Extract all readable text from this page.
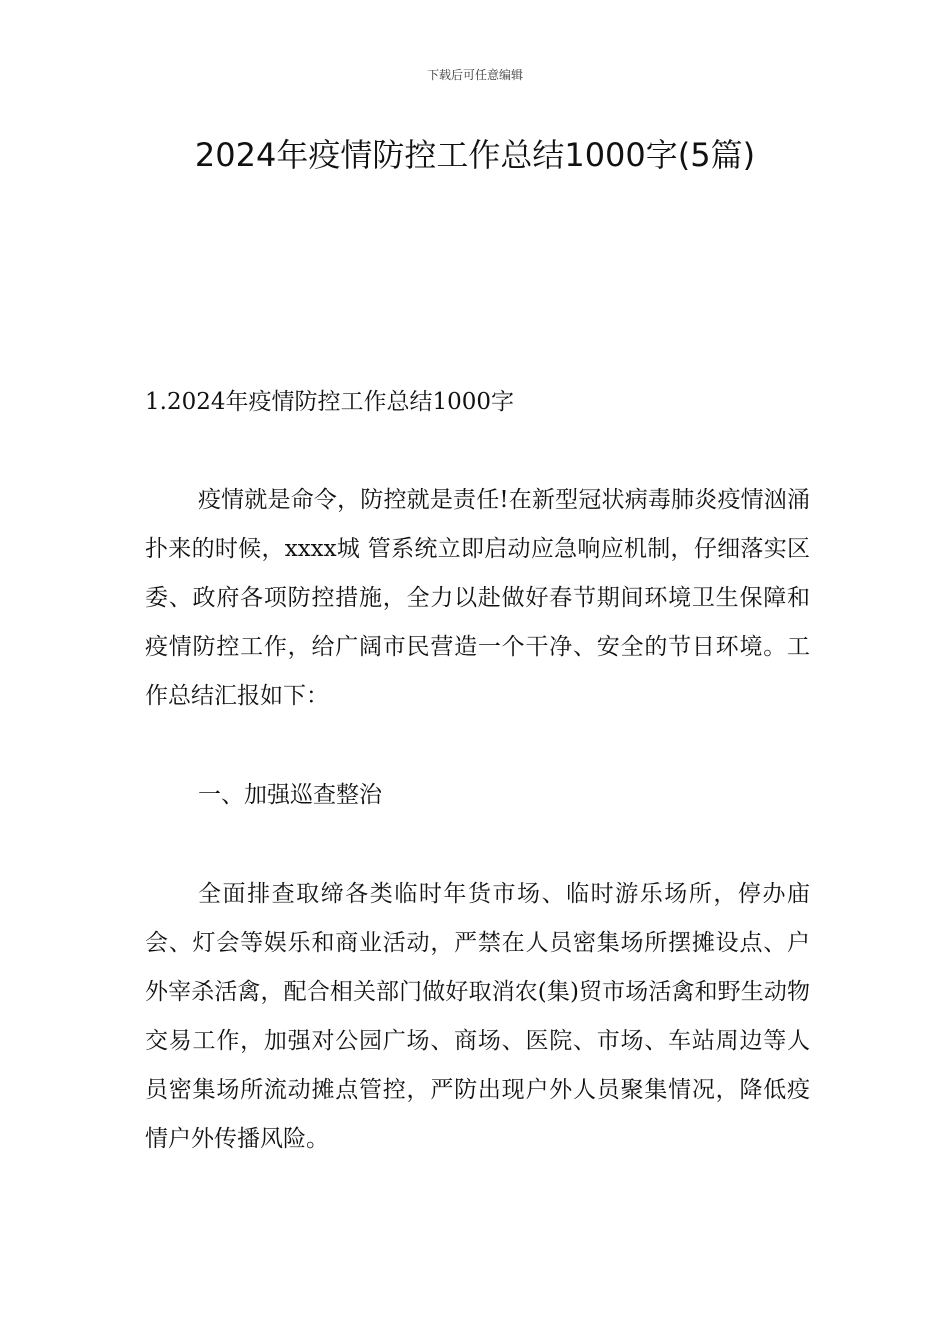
下载后可任意编辑
2024年疫情防控工作总结1000字(5篇)
1.2024年疫情防控工作总结1000字
疫情就是命令，防控就是责任!在新型冠状病毒肺炎疫情汹涌扑来的时候，xxxx城 管系统立即启动应急响应机制，仔细落实区委、政府各项防控措施，全力以赴做好春节期间环境卫生保障和疫情防控工作，给广阔市民营造一个干净、安全的节日环境。工作总结汇报如下：
一、加强巡查整治
全面排查取缔各类临时年货市场、临时游乐场所，停办庙会、灯会等娱乐和商业活动，严禁在人员密集场所摆摊设点、户外宰杀活禽，配合相关部门做好取消农(集)贸市场活禽和野生动物交易工作，加强对公园广场、商场、医院、市场、车站周边等人员密集场所流动摊点管控，严防出现户外人员聚集情况，降低疫情户外传播风险。
